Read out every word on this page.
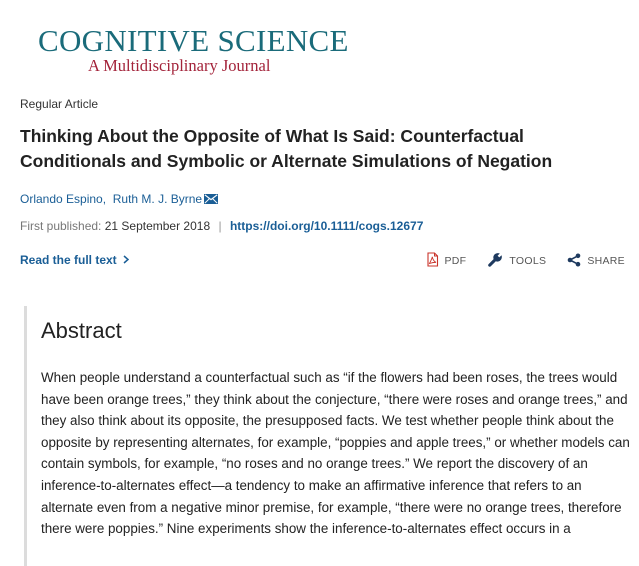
COGNITIVE SCIENCE
A Multidisciplinary Journal
Regular Article
Thinking About the Opposite of What Is Said: Counterfactual Conditionals and Symbolic or Alternate Simulations of Negation
Orlando Espino, Ruth M. J. Byrne
First published: 21 September 2018 | https://doi.org/10.1111/cogs.12677
Read the full text	PDF	TOOLS	SHARE
Abstract

When people understand a counterfactual such as “if the flowers had been roses, the trees would have been orange trees,” they think about the conjecture, “there were roses and orange trees,” and they also think about its opposite, the presupposed facts. We test whether people think about the opposite by representing alternates, for example, “poppies and apple trees,” or whether models can contain symbols, for example, “no roses and no orange trees.” We report the discovery of an inference-to-alternates effect—a tendency to make an affirmative inference that refers to an alternate even from a negative minor premise, for example, “there were no orange trees, therefore there were poppies.” Nine experiments show the inference-to-alternates effect occurs in a
